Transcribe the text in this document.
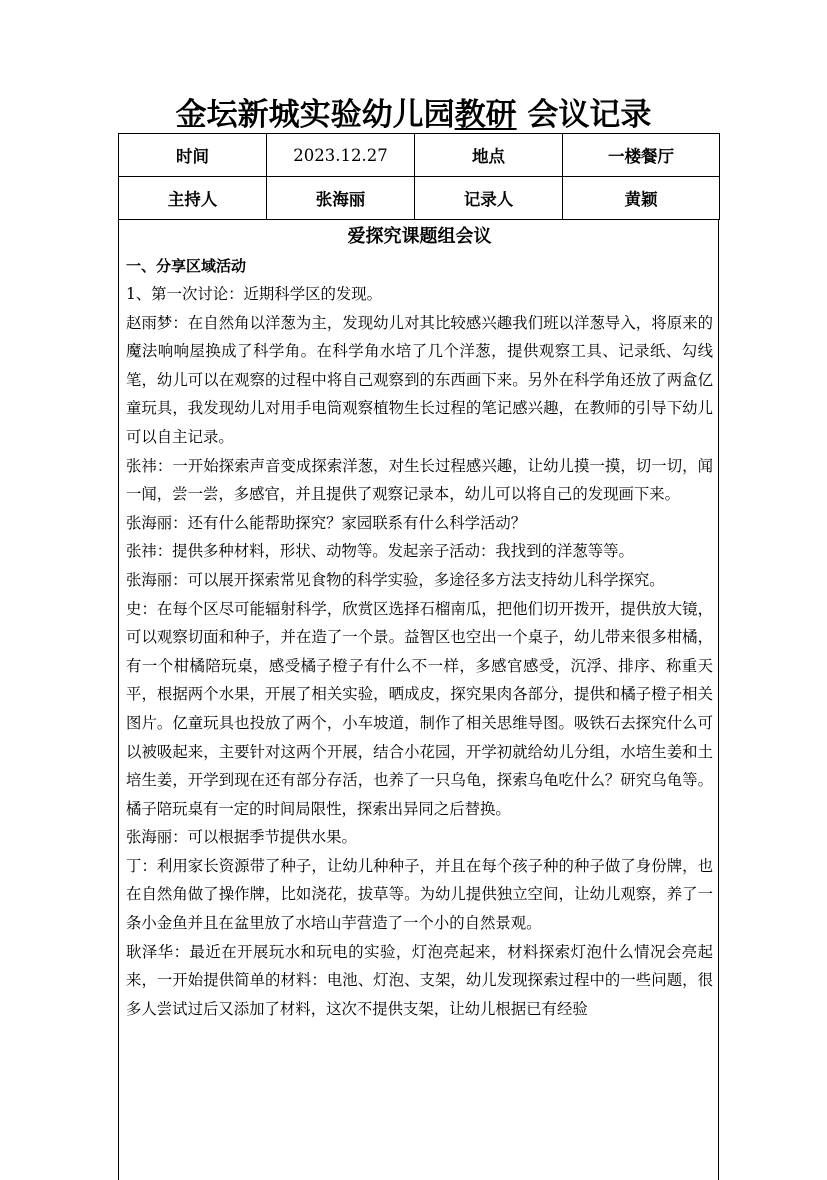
金坛新城实验幼儿园教研 会议记录
时间	2023.12.27	地点	一楼餐厅
主持人	张海丽	记录人	黄颖
爱探究课题组会议
一、分享区域活动

1、第一次讨论：近期科学区的发现。

赵雨梦：在自然角以洋葱为主，发现幼儿对其比较感兴趣我们班以洋葱导入，将原来的魔法响响屋换成了科学角。在科学角水培了几个洋葱，提供观察工具、记录纸、勾线笔，幼儿可以在观察的过程中将自己观察到的东西画下来。另外在科学角还放了两盒亿童玩具，我发现幼儿对用手电筒观察植物生长过程的笔记感兴趣，在教师的引导下幼儿可以自主记录。

张祎：一开始探索声音变成探索洋葱，对生长过程感兴趣，让幼儿摸一摸，切一切，闻一闻，尝一尝，多感官，并且提供了观察记录本，幼儿可以将自己的发现画下来。

张海丽：还有什么能帮助探究？家园联系有什么科学活动？

张祎：提供多种材料，形状、动物等。发起亲子活动：我找到的洋葱等等。

张海丽：可以展开探索常见食物的科学实验，多途径多方法支持幼儿科学探究。

史：在每个区尽可能辐射科学，欣赏区选择石榴南瓜，把他们切开拨开，提供放大镜，可以观察切面和种子，并在造了一个景。益智区也空出一个桌子，幼儿带来很多柑橘，有一个柑橘陪玩桌，感受橘子橙子有什么不一样，多感官感受，沉浮、排序、称重天平，根据两个水果，开展了相关实验，晒成皮，探究果肉各部分，提供和橘子橙子相关图片。亿童玩具也投放了两个，小车坡道，制作了相关思维导图。吸铁石去探究什么可以被吸起来，主要针对这两个开展，结合小花园，开学初就给幼儿分组，水培生姜和土培生姜，开学到现在还有部分存活，也养了一只乌龟，探索乌龟吃什么？研究乌龟等。橘子陪玩桌有一定的时间局限性，探索出异同之后替换。

张海丽：可以根据季节提供水果。

丁：利用家长资源带了种子，让幼儿种种子，并且在每个孩子种的种子做了身份牌，也在自然角做了操作牌，比如浇花，拔草等。为幼儿提供独立空间，让幼儿观察，养了一条小金鱼并且在盆里放了水培山芋营造了一个小的自然景观。

耿泽华：最近在开展玩水和玩电的实验，灯泡亮起来，材料探索灯泡什么情况会亮起来，一开始提供简单的材料：电池、灯泡、支架，幼儿发现探索过程中的一些问题，很多人尝试过后又添加了材料，这次不提供支架，让幼儿根据已有经验
